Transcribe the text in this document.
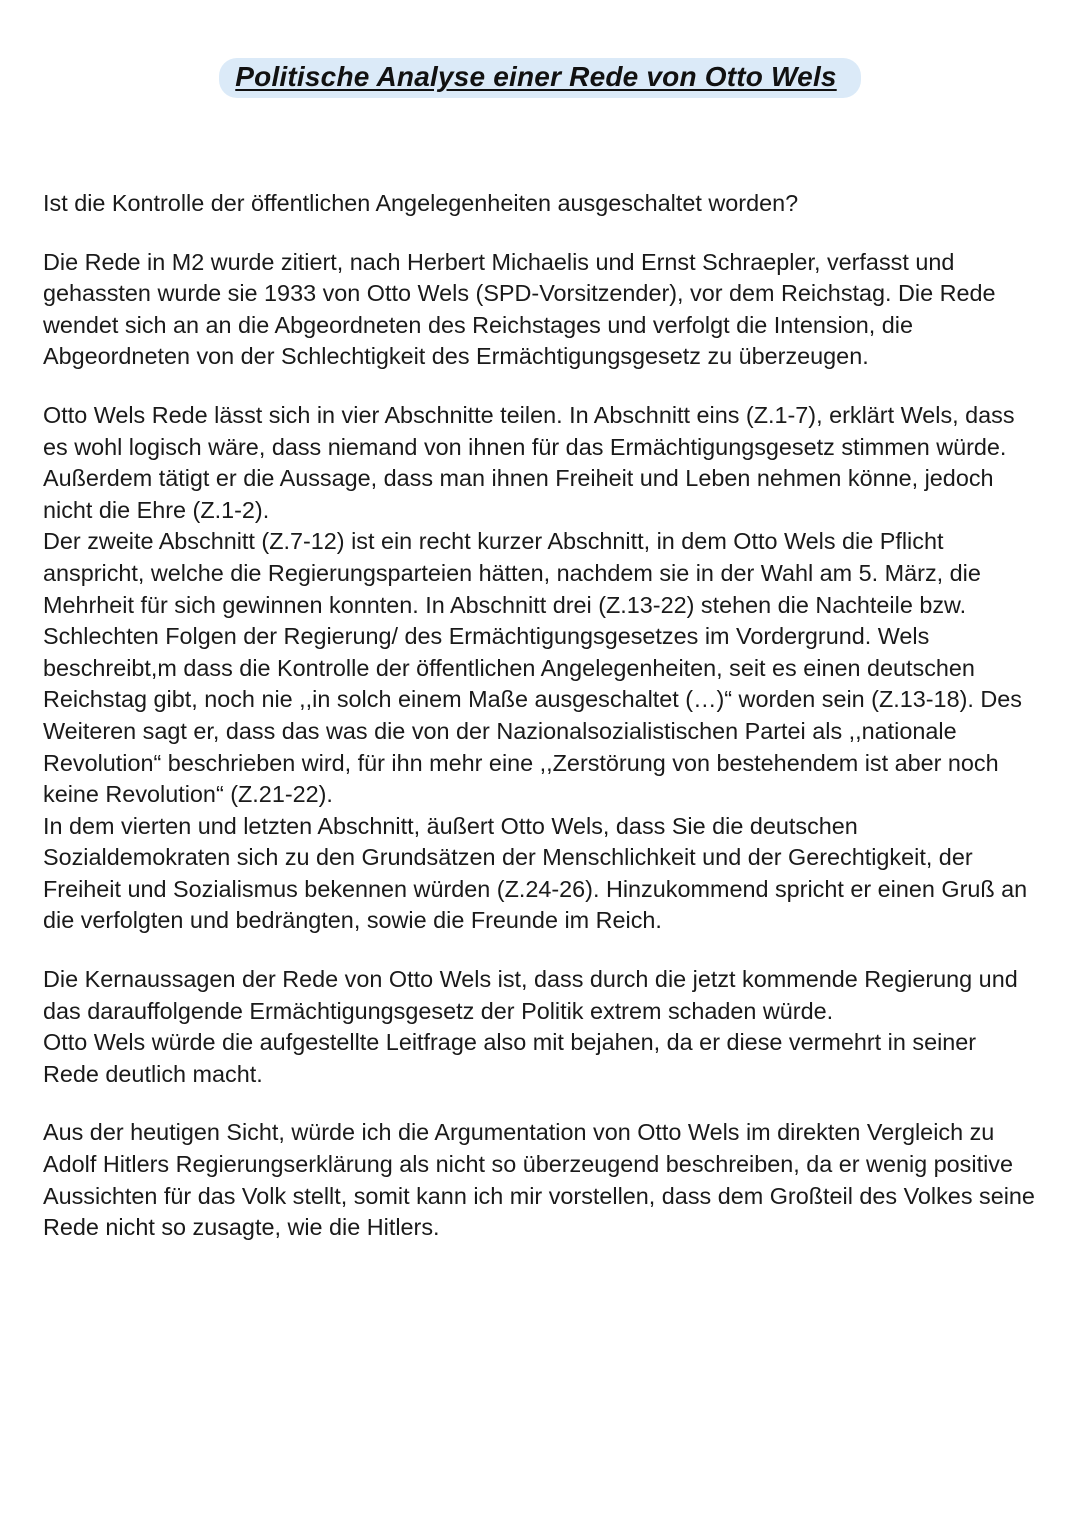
Politische Analyse einer Rede von Otto Wels

Ist die Kontrolle der öffentlichen Angelegenheiten ausgeschaltet worden?

Die Rede in M2 wurde zitiert, nach Herbert Michaelis und Ernst Schraepler, verfasst und gehassten wurde sie 1933 von Otto Wels (SPD-Vorsitzender), vor dem Reichstag. Die Rede wendet sich an an die Abgeordneten des Reichstages und verfolgt die Intension, die Abgeordneten von der Schlechtigkeit des Ermächtigungsgesetz zu überzeugen.

Otto Wels Rede lässt sich in vier Abschnitte teilen. In Abschnitt eins (Z.1-7), erklärt Wels, dass es wohl logisch wäre, dass niemand von ihnen für das Ermächtigungsgesetz stimmen würde. Außerdem tätigt er die Aussage, dass man ihnen Freiheit und Leben nehmen könne, jedoch nicht die Ehre (Z.1-2).

Der zweite Abschnitt (Z.7-12) ist ein recht kurzer Abschnitt, in dem Otto Wels die Pflicht anspricht, welche die Regierungsparteien hätten, nachdem sie in der Wahl am 5. März, die Mehrheit für sich gewinnen konnten. In Abschnitt drei (Z.13-22) stehen die Nachteile bzw. Schlechten Folgen der Regierung/ des Ermächtigungsgesetzes im Vordergrund. Wels beschreibt,m dass die Kontrolle der öffentlichen Angelegenheiten, seit es einen deutschen Reichstag gibt, noch nie ,,in solch einem Maße ausgeschaltet (…)“ worden sein (Z.13-18). Des Weiteren sagt er, dass das was die von der Nazionalsozialistischen Partei als ,,nationale Revolution“ beschrieben wird, für ihn mehr eine ,,Zerstörung von bestehendem ist aber noch keine Revolution“ (Z.21-22).

In dem vierten und letzten Abschnitt, äußert Otto Wels, dass Sie die deutschen Sozialdemokraten sich zu den Grundsätzen der Menschlichkeit und der Gerechtigkeit, der Freiheit und Sozialismus bekennen würden (Z.24-26). Hinzukommend spricht er einen Gruß an die verfolgten und bedrängten, sowie die Freunde im Reich.

Die Kernaussagen der Rede von Otto Wels ist, dass durch die jetzt kommende Regierung und das darauffolgende Ermächtigungsgesetz der Politik extrem schaden würde.

Otto Wels würde die aufgestellte Leitfrage also mit bejahen, da er diese vermehrt in seiner Rede deutlich macht.

Aus der heutigen Sicht, würde ich die Argumentation von Otto Wels im direkten Vergleich zu Adolf Hitlers Regierungserklärung als nicht so überzeugend beschreiben, da er wenig positive Aussichten für das Volk stellt, somit kann ich mir vorstellen, dass dem Großteil des Volkes seine Rede nicht so zusagte, wie die Hitlers.
